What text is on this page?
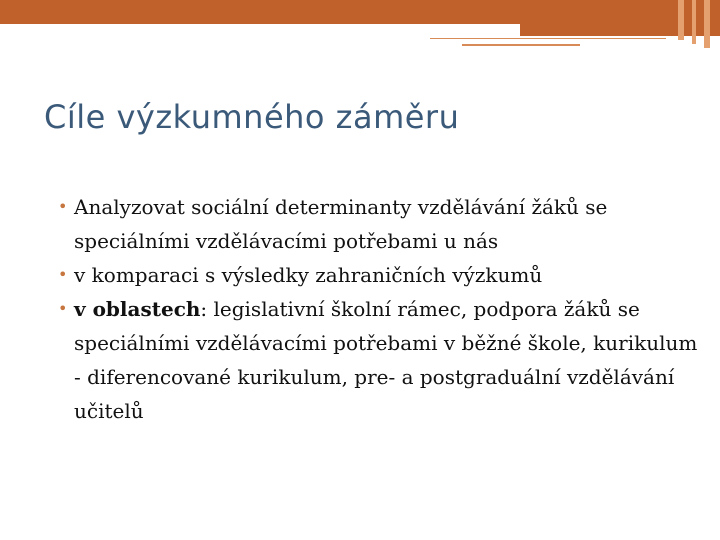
Cíle výzkumného záměru
• Analyzovat sociální determinanty vzdělávání žáků se speciálními vzdělávacími potřebami u nás
• v komparaci s výsledky zahraničních výzkumů
• v oblastech: legislativní školní rámec, podpora žáků se speciálními vzdělávacími potřebami v běžné škole, kurikulum - diferencované kurikulum, pre- a postgraduální vzdělávání učitelů
